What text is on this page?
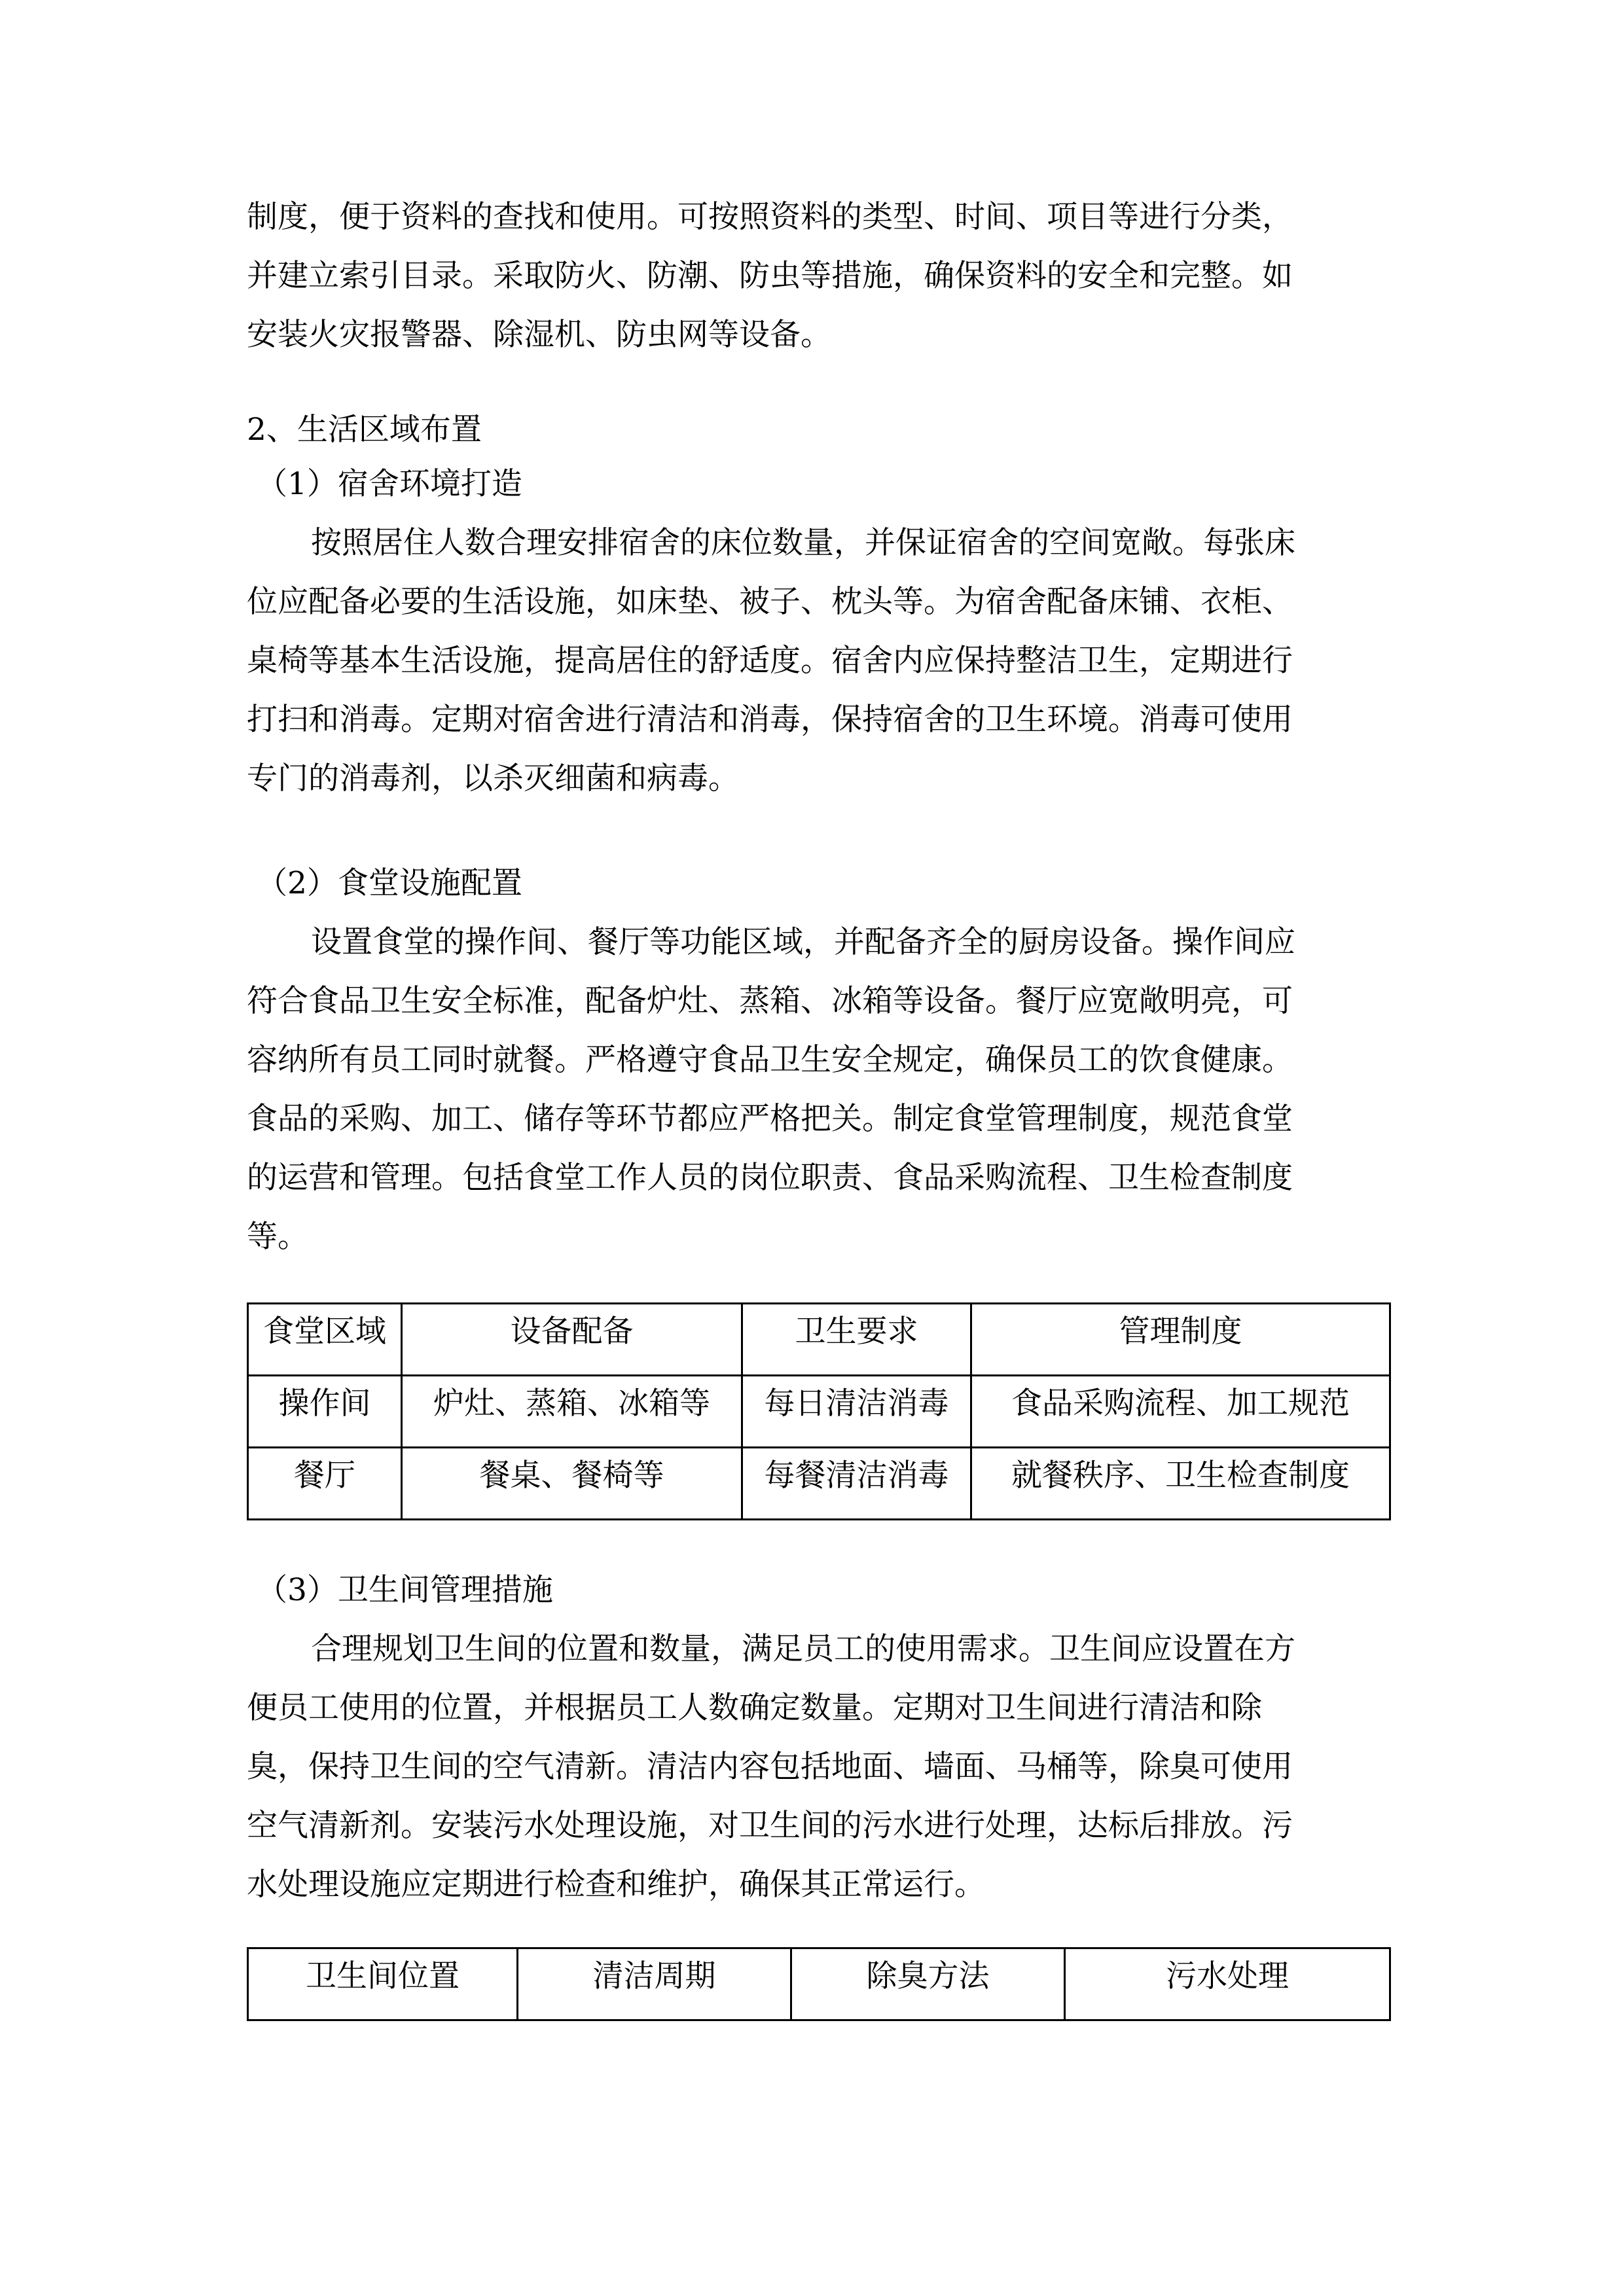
制度，便于资料的查找和使用。可按照资料的类型、时间、项目等进行分类，

并建立索引目录。采取防火、防潮、防虫等措施，确保资料的安全和完整。如

安装火灾报警器、除湿机、防虫网等设备。

2、生活区域布置

（1）宿舍环境打造

按照居住人数合理安排宿舍的床位数量，并保证宿舍的空间宽敞。每张床

位应配备必要的生活设施，如床垫、被子、枕头等。为宿舍配备床铺、衣柜、

桌椅等基本生活设施，提高居住的舒适度。宿舍内应保持整洁卫生，定期进行

打扫和消毒。定期对宿舍进行清洁和消毒，保持宿舍的卫生环境。消毒可使用

专门的消毒剂，以杀灭细菌和病毒。

（2）食堂设施配置

设置食堂的操作间、餐厅等功能区域，并配备齐全的厨房设备。操作间应

符合食品卫生安全标准，配备炉灶、蒸箱、冰箱等设备。餐厅应宽敞明亮，可

容纳所有员工同时就餐。严格遵守食品卫生安全规定，确保员工的饮食健康。

食品的采购、加工、储存等环节都应严格把关。制定食堂管理制度，规范食堂

的运营和管理。包括食堂工作人员的岗位职责、食品采购流程、卫生检查制度

等。

食堂区域	设备配备	卫生要求	管理制度
操作间	炉灶、蒸箱、冰箱等	每日清洁消毒	食品采购流程、加工规范
餐厅	餐桌、餐椅等	每餐清洁消毒	就餐秩序、卫生检查制度

（3）卫生间管理措施

合理规划卫生间的位置和数量，满足员工的使用需求。卫生间应设置在方

便员工使用的位置，并根据员工人数确定数量。定期对卫生间进行清洁和除

臭，保持卫生间的空气清新。清洁内容包括地面、墙面、马桶等，除臭可使用

空气清新剂。安装污水处理设施，对卫生间的污水进行处理，达标后排放。污

水处理设施应定期进行检查和维护，确保其正常运行。

卫生间位置	清洁周期	除臭方法	污水处理
